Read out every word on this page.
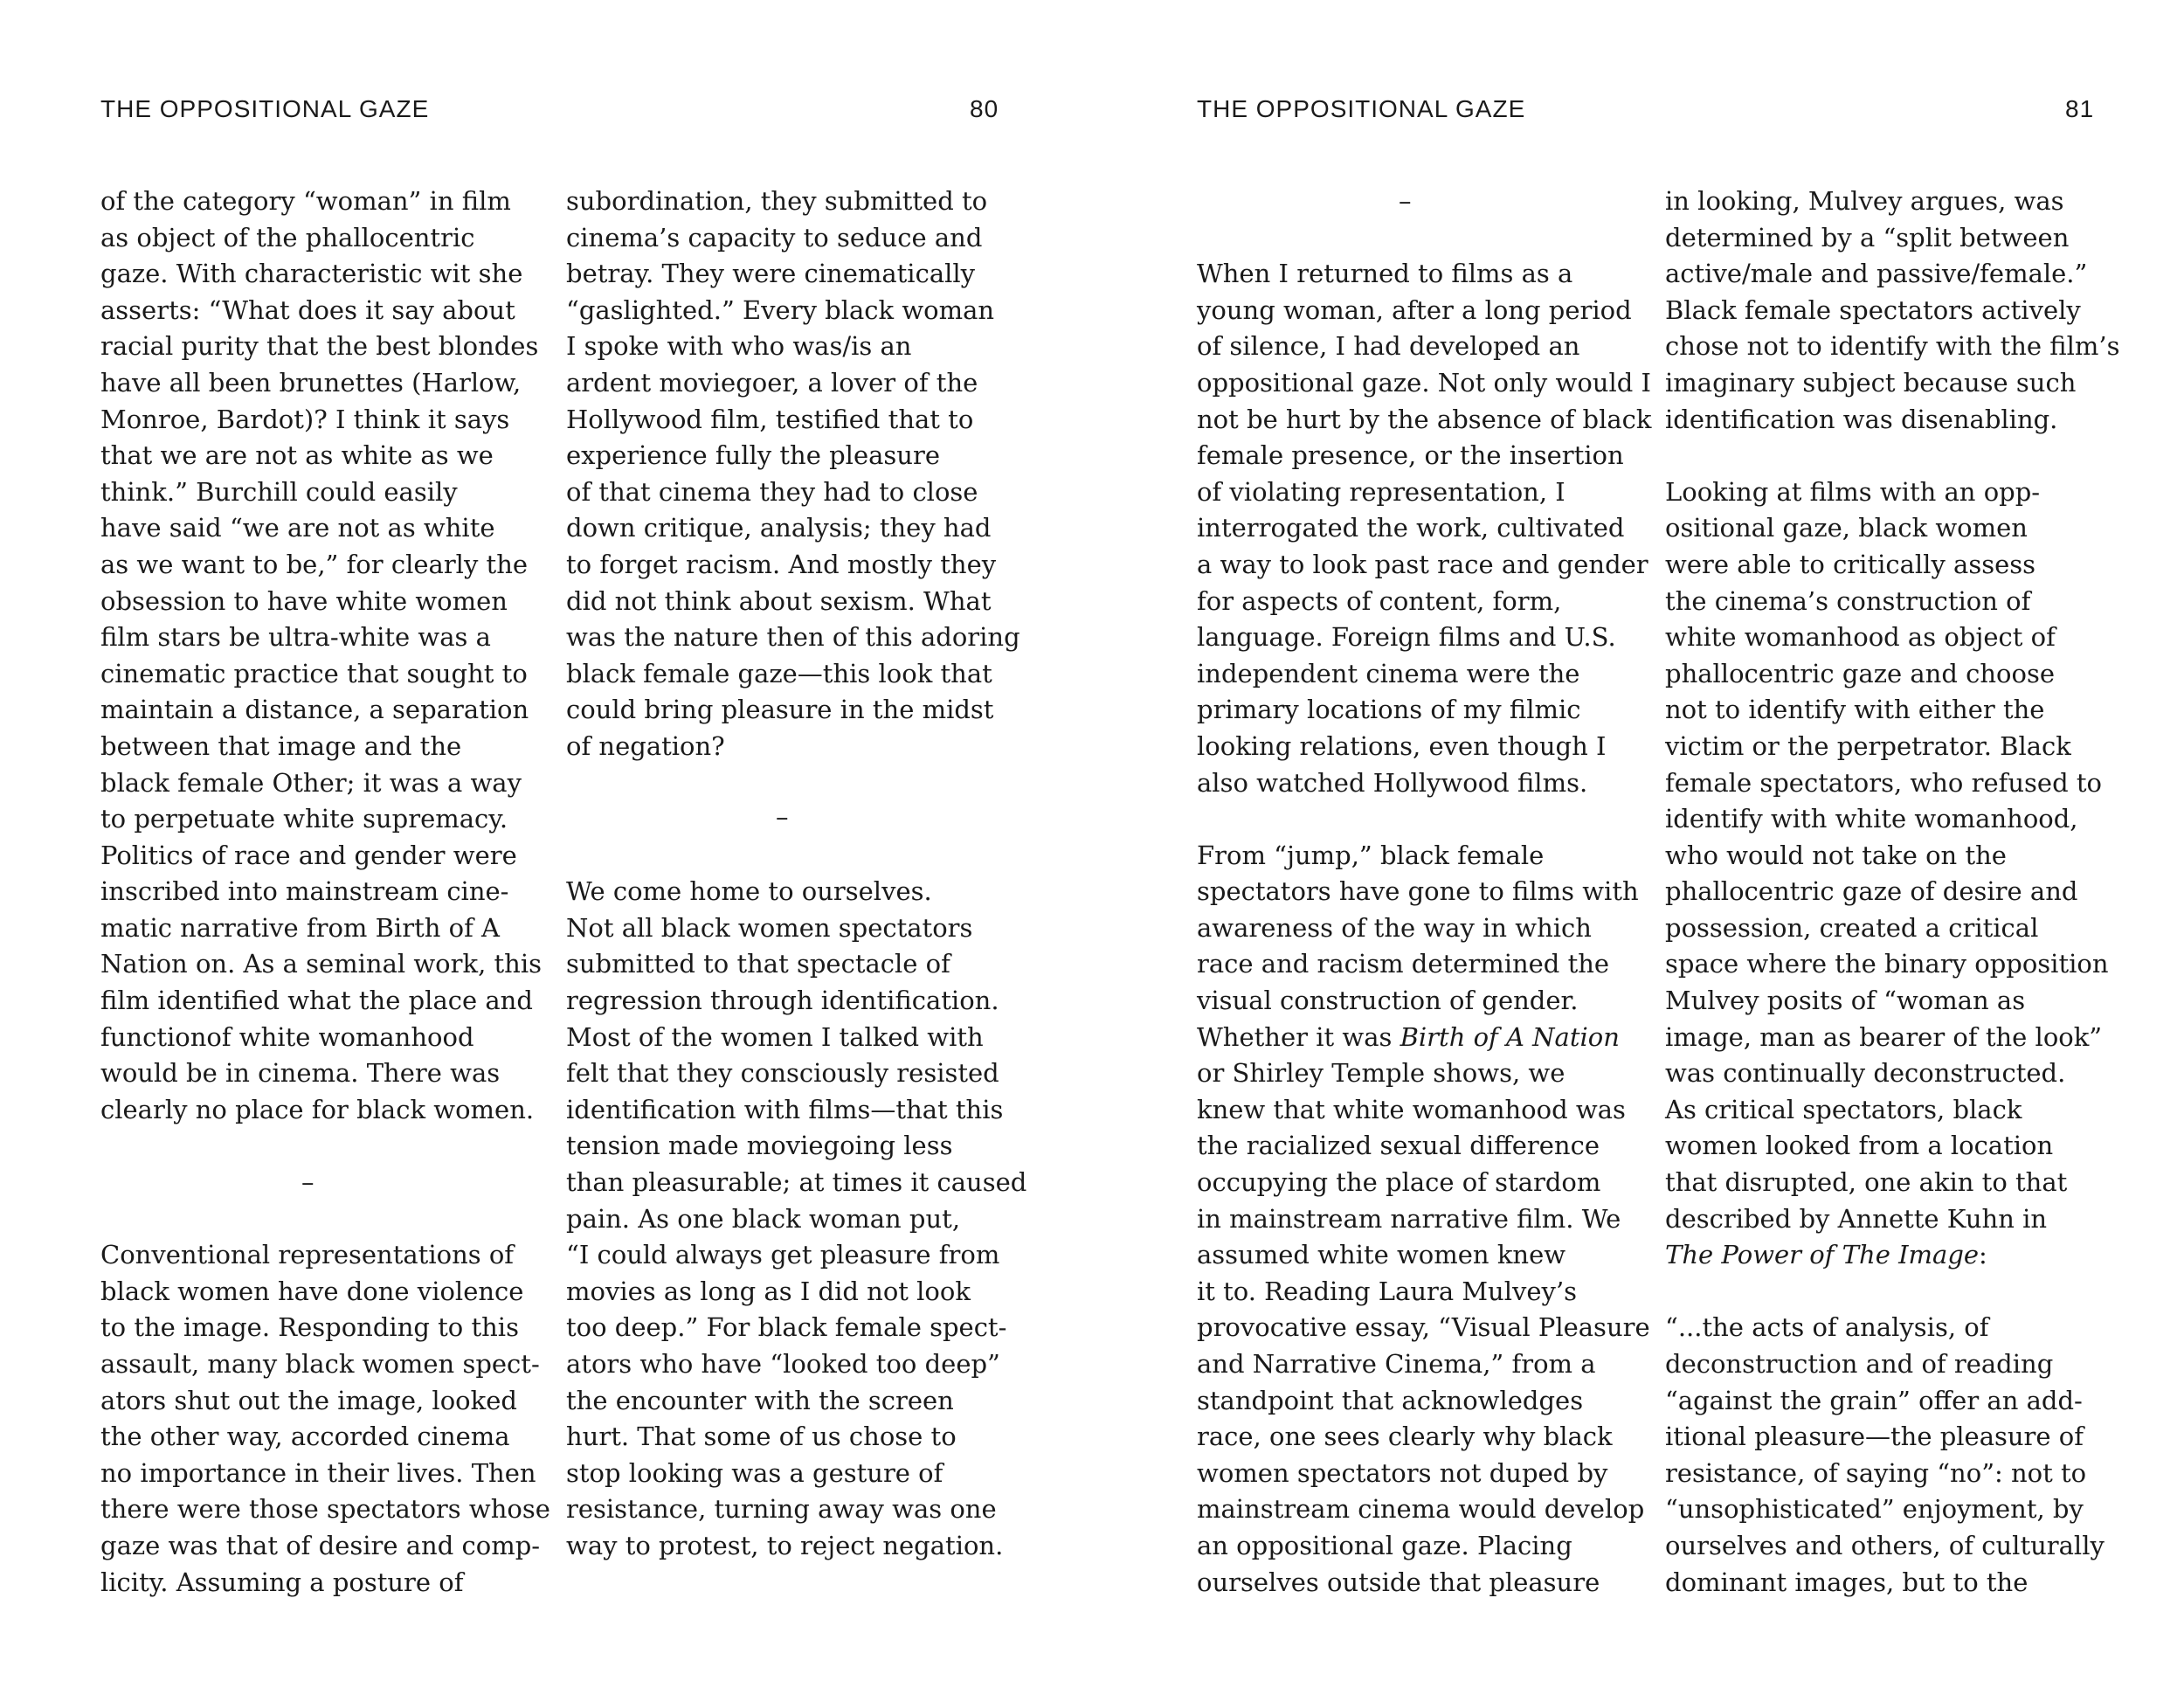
THE OPPOSITIONAL GAZE	80
of the category “woman” in film
as object of the phallocentric
gaze. With characteristic wit she
asserts: “What does it say about
racial purity that the best blondes
have all been brunettes (Harlow,
Monroe, Bardot)? I think it says
that we are not as white as we
think.” Burchill could easily
have said “we are not as white
as we want to be,” for clearly the
obsession to have white women
film stars be ultra-white was a
cinematic practice that sought to
maintain a distance, a separation
between that image and the
black female Other; it was a way
to perpetuate white supremacy.
Politics of race and gender were
inscribed into mainstream cine-
matic narrative from Birth of A
Nation on. As a seminal work, this
film identified what the place and
functionof white womanhood
would be in cinema. There was
clearly no place for black women.
Conventional representations of
black women have done violence
to the image. Responding to this
assault, many black women spect-
ators shut out the image, looked
the other way, accorded cinema
no importance in their lives. Then
there were those spectators whose
gaze was that of desire and comp-
licity. Assuming a posture of
subordination, they submitted to
cinema’s capacity to seduce and
betray. They were cinematically
“gaslighted.” Every black woman
I spoke with who was/is an
ardent moviegoer, a lover of the
Hollywood film, testified that to
experience fully the pleasure
of that cinema they had to close
down critique, analysis; they had
to forget racism. And mostly they
did not think about sexism. What
was the nature then of this adoring
black female gaze—this look that
could bring pleasure in the midst
of negation?
We come home to ourselves.
Not all black women spectators
submitted to that spectacle of
regression through identification.
Most of the women I talked with
felt that they consciously resisted
identification with films—that this
tension made moviegoing less
than pleasurable; at times it caused
pain. As one black woman put,
“I could always get pleasure from
movies as long as I did not look
too deep.” For black female spect-
ators who have “looked too deep”
the encounter with the screen
hurt. That some of us chose to
stop looking was a gesture of
resistance, turning away was one
way to protest, to reject negation.
–
–
THE OPPOSITIONAL GAZE	81
When I returned to films as a
young woman, after a long period
of silence, I had developed an
oppositional gaze. Not only would I
not be hurt by the absence of black
female presence, or the insertion
of violating representation, I
interrogated the work, cultivated
a way to look past race and gender
for aspects of content, form,
language. Foreign films and U.S.
independent cinema were the
primary locations of my filmic
looking relations, even though I
also watched Hollywood films.
From “jump,” black female
spectators have gone to films with
awareness of the way in which
race and racism determined the
visual construction of gender.
Whether it was Birth of A Nation
or Shirley Temple shows, we
knew that white womanhood was
the racialized sexual difference
occupying the place of stardom
in mainstream narrative film. We
assumed white women knew
it to. Reading Laura Mulvey’s
provocative essay, “Visual Pleasure
and Narrative Cinema,” from a
standpoint that acknowledges
race, one sees clearly why black
women spectators not duped by
mainstream cinema would develop
an oppositional gaze. Placing
ourselves outside that pleasure
in looking, Mulvey argues, was
determined by a “split between
active/male and passive/female.”
Black female spectators actively
chose not to identify with the film’s
imaginary subject because such
identification was disenabling.
Looking at films with an opp-
ositional gaze, black women
were able to critically assess
the cinema’s construction of
white womanhood as object of
phallocentric gaze and choose
not to identify with either the
victim or the perpetrator. Black
female spectators, who refused to
identify with white womanhood,
who would not take on the
phallocentric gaze of desire and
possession, created a critical
space where the binary opposition
Mulvey posits of “woman as
image, man as bearer of the look”
was continually deconstructed.
As critical spectators, black
women looked from a location
that disrupted, one akin to that
described by Annette Kuhn in
The Power of The Image:
“...the acts of analysis, of
deconstruction and of reading
“against the grain” offer an add-
itional pleasure—the pleasure of
resistance, of saying “no”: not to
“unsophisticated” enjoyment, by
ourselves and others, of culturally
dominant images, but to the
–
